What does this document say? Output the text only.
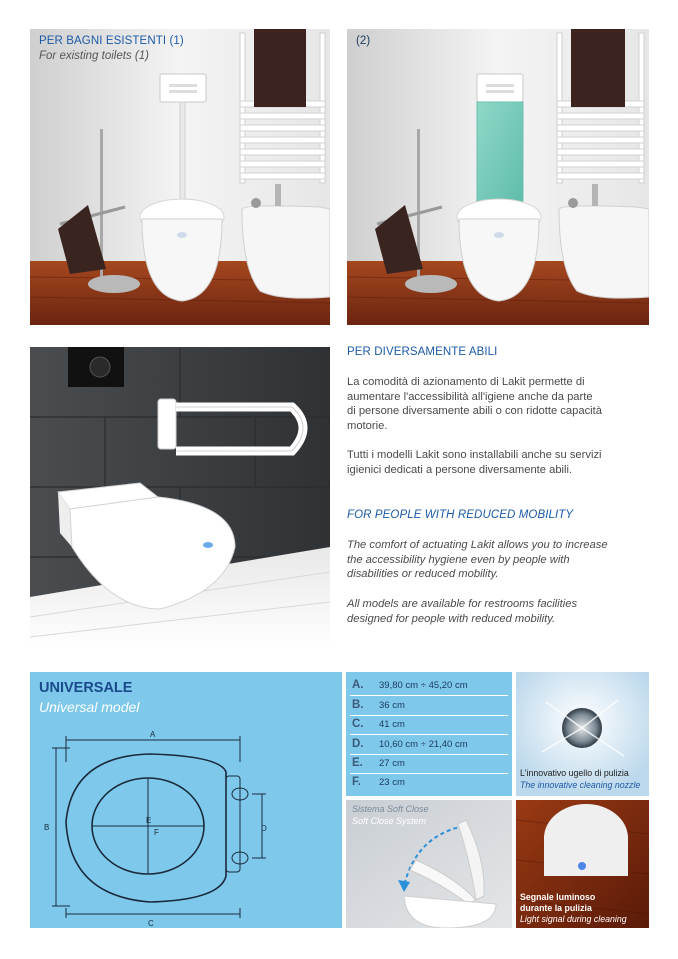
PER BAGNI ESISTENTI (1)
For existing toilets (1)
(2)
PER DIVERSAMENTE ABILI
La comodità di azionamento di Lakit permette di
aumentare l'accessibilità all'igiene anche da parte
di persone diversamente abili o con ridotte capacità
motorie.
Tutti i modelli Lakit sono installabili anche su servizi
igienici dedicati a persone diversamente abili.
FOR PEOPLE WITH REDUCED MOBILITY
The comfort of actuating Lakit allows you to increase
the accessibility hygiene even by people with
disabilities or reduced mobility.
All models are available for restrooms facilities
designed for people with reduced mobility.
UNIVERSALE
Universal model
A
B
C
D
E
F
A. 39,80 cm ÷ 45,20 cm
B. 36 cm
C. 41 cm
D. 10,60 cm ÷ 21,40 cm
E. 27 cm
F. 23 cm
L'innovativo ugello di pulizia
The innovative cleaning nozzle
Sistema Soft Close
Soft Close System
Segnale luminoso
durante la pulizia
Light signal during cleaning
